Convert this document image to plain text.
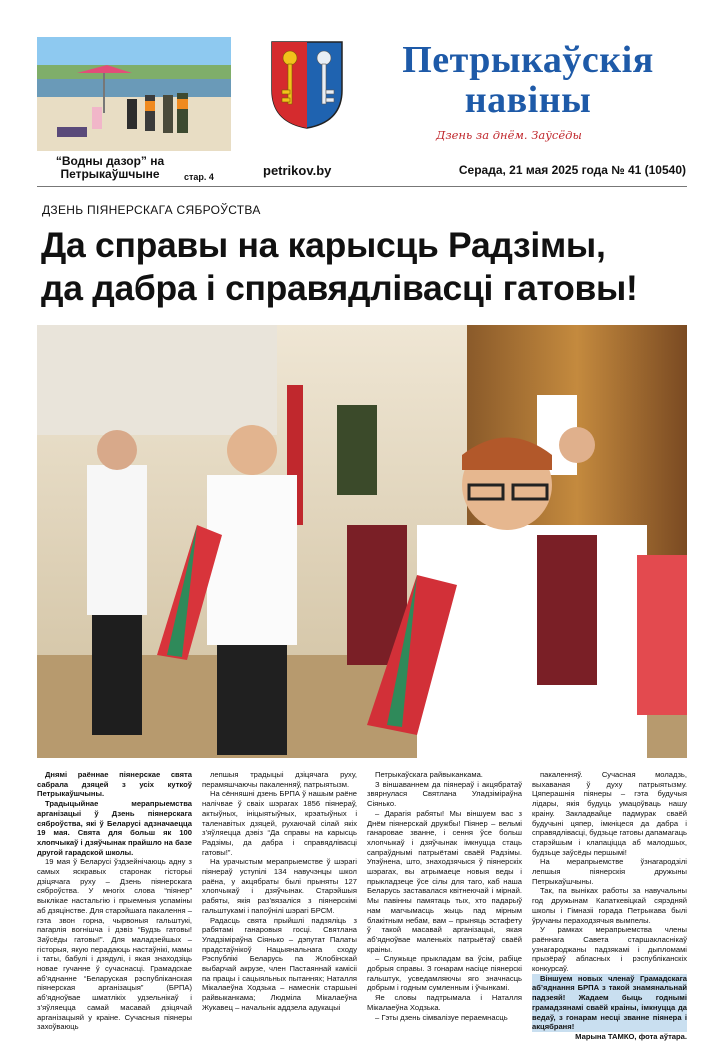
“Водны дазор” на Петрыкаўшчыне	стар. 4	petrikov.by
Петрыкаўскія
навіны
Дзень за днём. Заўсёды
Серада, 21 мая 2025 года № 41 (10540)
ДЗЕНЬ ПІЯНЕРСКАГА СЯБРОЎСТВА
Да справы на карысць Радзімы,
да дабра і справядлівасці гатовы!

Днямі раённае піянерскае свята сабрала дзяцей з усіх куткоў Петрыкаўшчыны.

Традыцыйнае мерапрыемства арганізацыі ў Дзень піянерскага сяброўства, які ў Беларусі адзначаецца 19 мая. Свята для больш як 100 хлопчыкаў і дзяўчынак прайшло на базе другой гарадской школы.

19 мая ў Беларусі ўздзейнічаюць адну з самых яскравых старонак гісторыі дзіцячага руху – Дзень піянерскага сяброўства. У многіх слова “піянер” выклікае настальгію і прыемныя успаміны аб дзяцінстве. Для старэйшага пакалення – гэта звон горна, чырвоныя гальштукі, пагарлія вогнішча і дэвіз “Будзь гатовы! Заўсёды гатовы!”. Для маладзейшых – гісторыя, якую перадаюць настаўнікі, мамы і таты, бабулі і дзядулі, і якая знаходзіць новае гучанне ў сучаснасці. Грамадскае аб’яднанне “Беларуская рэспубліканская піянерская арганізацыя” (БРПА) аб’ядноўвае шматлікіх удзельнікаў і з’яўляецца самай масавай дзіцячай арганізацыяй у краіне. Сучасныя піянеры захоўваюць

лепшыя традыцыі дзіцячага руху, перамяшчаючы пакаленняў, патрыятызм.

На сённяшні дзень БРПА ў нашым раёне налічвае ў сваіх шэрагах 1856 піянераў, актыўных, ініцыятыўных, крэатыўных і таленавітых дзяцей, рухаючай сілай якіх з’яўляецца дэвіз “Да справы на карысць Радзімы, да дабра і справядлівасці гатовы!”.

На урачыстым мерапрыемстве ў шэрагі піянераў уступілі 134 навучэнцы школ раёна, у акцябраты былі прыняты 127 хлопчыкаў і дзяўчынак. Старэйшыя рабяты, якія раз’вязаліся з піянерскімі гальштукамі і папоўнілі шэрагі БРСМ.

Радасць свята прыйшлі падзяліць з рабятамі ганаровыя госці. Святлана Уладзіміраўна Сіянько – дэпутат Палаты прадстаўнікоў Нацыянальнага сходу Рэспублікі Беларусь па Жлобінскай выбарчай акрузе, член Пастаяннай камісіі па працы і сацыяльных пытаннях; Наталля Мікалаеўна Ходзька – намеснік старшыні райвыканкама; Людміла Мікалаеўна Жукавец – начальнік аддзела адукацыі

Петрыкаўскага райвыканкама.

З віншаваннем да піянераў і акцябратаў звярнулася Святлана Уладзіміраўна Сіянько.

– Дарагія рабяты! Мы віншуем вас з Днём піянерскай дружбы! Піянер – вельмі ганаровае званне, і сення ўсе больш хлопчыкаў і дзяўчынак імкнуцца стаць сапраўднымі патрыётамі сваёй Радзімы. Упэўнена, што, знаходзячыся ў піянерскіх шэрагах, вы атрымаеце новыя веды і прыкладзеце ўсе сілы для таго, каб наша Беларусь заставалася квітнеючай і мірнай. Мы павінны памятаць тых, хто падарыў нам магчымасць жыць пад мірным блакітным небам, вам – прыняць эстафету ў такой масавай арганізацыі, якая аб’ядноўвае маленькіх патрыётаў сваёй краіны.

– Служыце прыкладам ва ўсім, рабіце добрыя справы. З гонарам насіце піянерскі гальштук, усведамляючы яго значнасць добрым і годным сумленным і ўчынкамі.

Яе словы падтрымала і Наталля Мікалаеўна Ходзька.

– Гэты дзень сімвалізуе пераемнасць

пакаленняў. Сучасная моладзь, выхаваная ў духу патрыятызму. Цяперашнія піянеры – гэта будучыя лідары, якія будуць умацоўваць нашу краіну. Закладвайце падмурак сваёй будучыні цяпер, імкніцеся да дабра і справядлівасці, будзьце гатовы дапамагаць старэйшым і клапаціцца аб малодшых, будзьце заўсёды першымі!

На мерапрыемстве ўзнагародзілі лепшыя піянерскія дружыны Петрыкаўшчыны.

Так, па выніках работы за навучальны год дружынам Капаткевіцкай сярэдняй школы і Гімназіі горада Петрыкава былі ўручаны пераходзячыя вымпелы.

У рамках мерапрыемства члены раённага Савета старшакласнікаў узнагароджаны падзякамі і дыпломамі прызёраў абласных і рэспубліканскіх конкурсаў.

Віншуем новых членаў Грамадскага аб’яднання БРПА з такой знамянальнай падзеяй! Жадаем быць годнымі грамадзянамі сваёй краіны, імкнуцца да ведаў, з гонарам несці званне піянера і акцябраня!

Марына ТАМКО, фота аўтара.
